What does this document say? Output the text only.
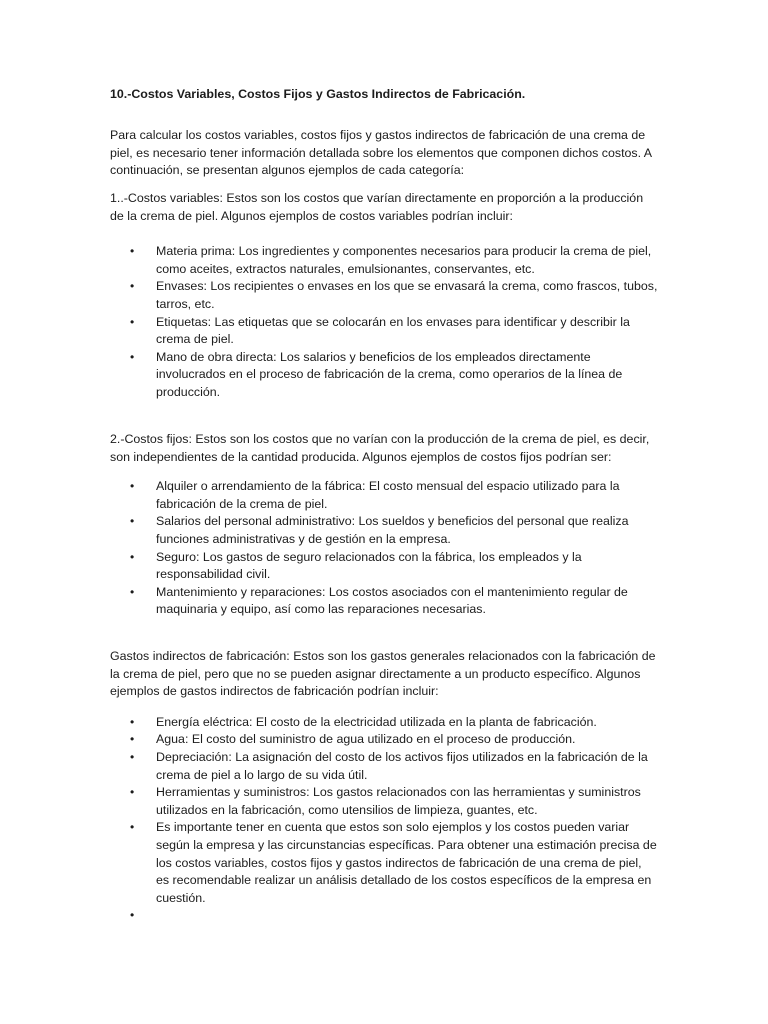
10.-Costos Variables, Costos Fijos y Gastos Indirectos de Fabricación.
Para calcular los costos variables, costos fijos y gastos indirectos de fabricación de una crema de piel, es necesario tener información detallada sobre los elementos que componen dichos costos. A continuación, se presentan algunos ejemplos de cada categoría:
1..-Costos variables: Estos son los costos que varían directamente en proporción a la producción de la crema de piel. Algunos ejemplos de costos variables podrían incluir:
• Materia prima: Los ingredientes y componentes necesarios para producir la crema de piel, como aceites, extractos naturales, emulsionantes, conservantes, etc.
• Envases: Los recipientes o envases en los que se envasará la crema, como frascos, tubos, tarros, etc.
• Etiquetas: Las etiquetas que se colocarán en los envases para identificar y describir la crema de piel.
• Mano de obra directa: Los salarios y beneficios de los empleados directamente involucrados en el proceso de fabricación de la crema, como operarios de la línea de producción.
2.-Costos fijos: Estos son los costos que no varían con la producción de la crema de piel, es decir, son independientes de la cantidad producida. Algunos ejemplos de costos fijos podrían ser:
• Alquiler o arrendamiento de la fábrica: El costo mensual del espacio utilizado para la fabricación de la crema de piel.
• Salarios del personal administrativo: Los sueldos y beneficios del personal que realiza funciones administrativas y de gestión en la empresa.
• Seguro: Los gastos de seguro relacionados con la fábrica, los empleados y la responsabilidad civil.
• Mantenimiento y reparaciones: Los costos asociados con el mantenimiento regular de maquinaria y equipo, así como las reparaciones necesarias.
Gastos indirectos de fabricación: Estos son los gastos generales relacionados con la fabricación de la crema de piel, pero que no se pueden asignar directamente a un producto específico. Algunos ejemplos de gastos indirectos de fabricación podrían incluir:
• Energía eléctrica: El costo de la electricidad utilizada en la planta de fabricación.
• Agua: El costo del suministro de agua utilizado en el proceso de producción.
• Depreciación: La asignación del costo de los activos fijos utilizados en la fabricación de la crema de piel a lo largo de su vida útil.
• Herramientas y suministros: Los gastos relacionados con las herramientas y suministros utilizados en la fabricación, como utensilios de limpieza, guantes, etc.
• Es importante tener en cuenta que estos son solo ejemplos y los costos pueden variar según la empresa y las circunstancias específicas. Para obtener una estimación precisa de los costos variables, costos fijos y gastos indirectos de fabricación de una crema de piel, es recomendable realizar un análisis detallado de los costos específicos de la empresa en cuestión.
•
